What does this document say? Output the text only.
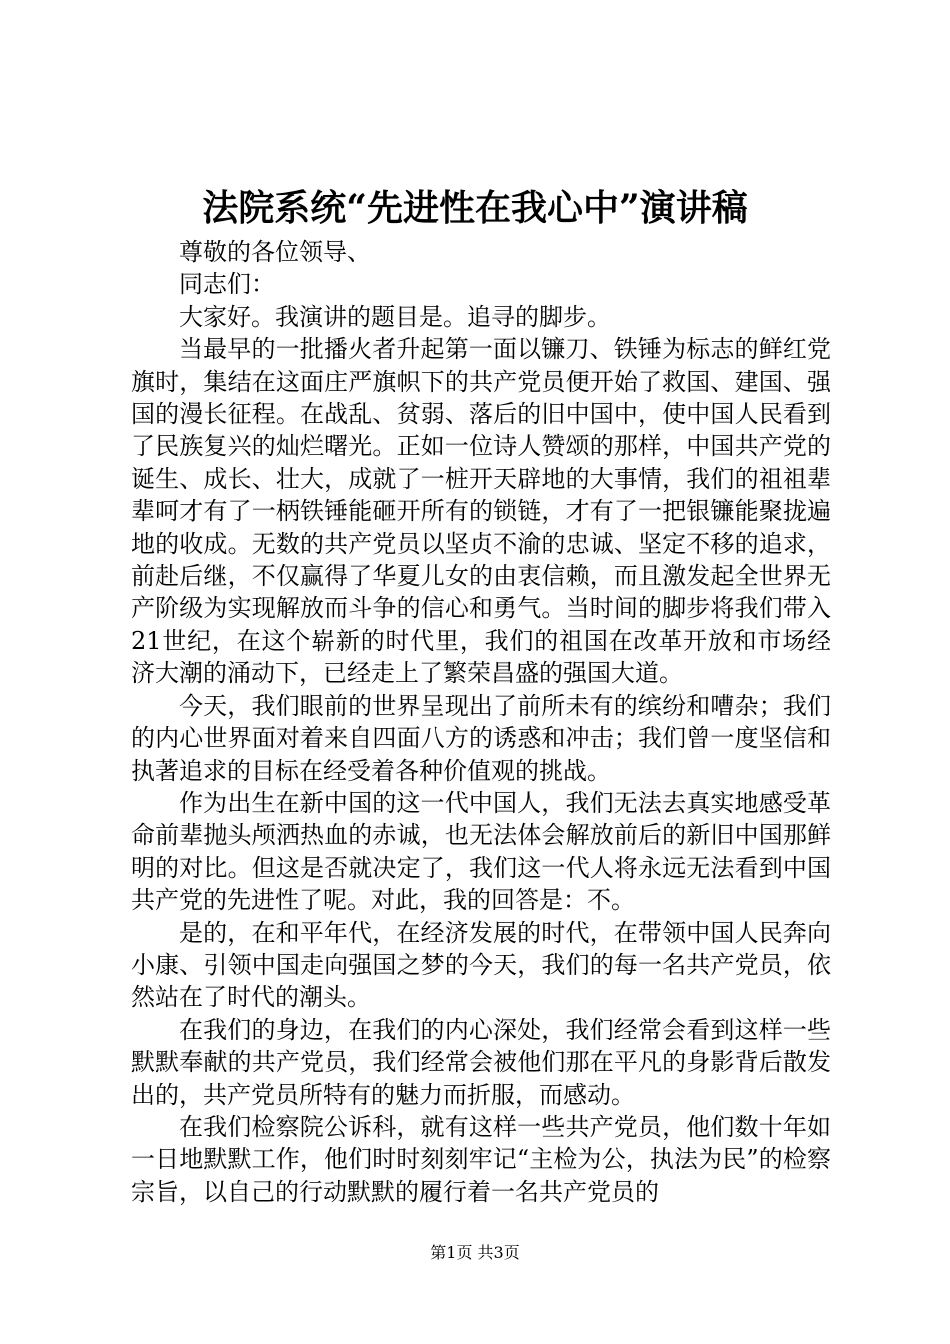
法院系统“先进性在我心中”演讲稿

尊敬的各位领导、

同志们：

大家好。我演讲的题目是。追寻的脚步。

当最早的一批播火者升起第一面以镰刀、铁锤为标志的鲜红党旗时，集结在这面庄严旗帜下的共产党员便开始了救国、建国、强国的漫长征程。在战乱、贫弱、落后的旧中国中，使中国人民看到了民族复兴的灿烂曙光。正如一位诗人赞颂的那样，中国共产党的诞生、成长、壮大，成就了一桩开天辟地的大事情，我们的祖祖辈辈呵才有了一柄铁锤能砸开所有的锁链，才有了一把银镰能聚拢遍地的收成。无数的共产党员以坚贞不渝的忠诚、坚定不移的追求，前赴后继，不仅赢得了华夏儿女的由衷信赖，而且激发起全世界无产阶级为实现解放而斗争的信心和勇气。当时间的脚步将我们带入21世纪，在这个崭新的时代里，我们的祖国在改革开放和市场经济大潮的涌动下，已经走上了繁荣昌盛的强国大道。

今天，我们眼前的世界呈现出了前所未有的缤纷和嘈杂；我们的内心世界面对着来自四面八方的诱惑和冲击；我们曾一度坚信和执著追求的目标在经受着各种价值观的挑战。

作为出生在新中国的这一代中国人，我们无法去真实地感受革命前辈抛头颅洒热血的赤诚，也无法体会解放前后的新旧中国那鲜明的对比。但这是否就决定了，我们这一代人将永远无法看到中国共产党的先进性了呢。对此，我的回答是：不。

是的，在和平年代，在经济发展的时代，在带领中国人民奔向小康、引领中国走向强国之梦的今天，我们的每一名共产党员，依然站在了时代的潮头。

在我们的身边，在我们的内心深处，我们经常会看到这样一些默默奉献的共产党员，我们经常会被他们那在平凡的身影背后散发出的，共产党员所特有的魅力而折服，而感动。

在我们检察院公诉科，就有这样一些共产党员，他们数十年如一日地默默工作，他们时时刻刻牢记“主检为公，执法为民”的检察宗旨，以自己的行动默默的履行着一名共产党员的

第1页 共3页
